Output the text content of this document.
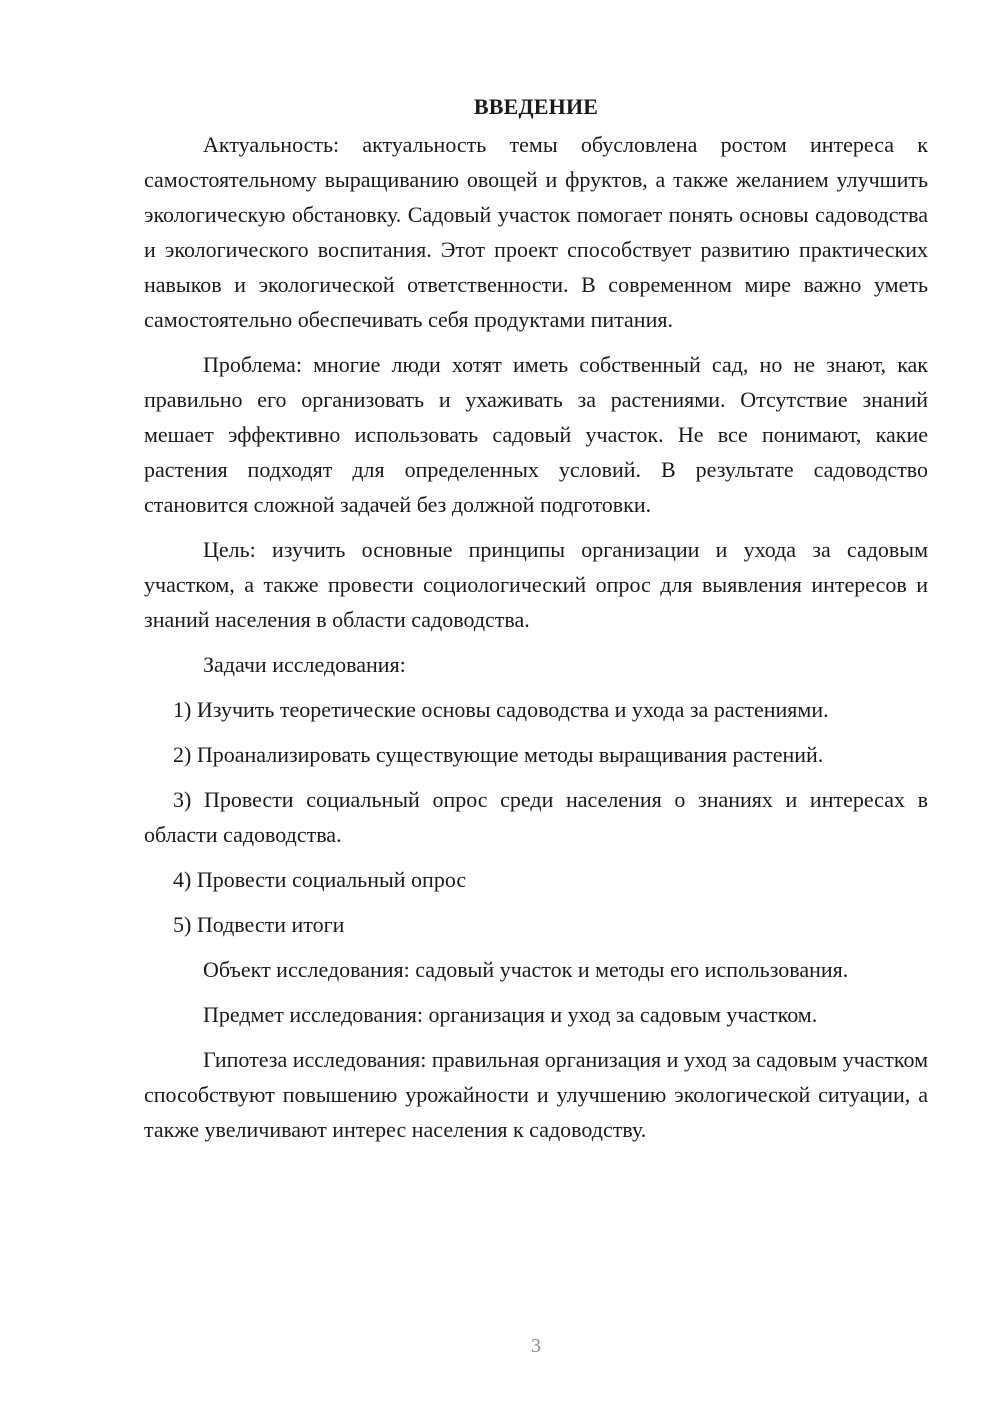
ВВЕДЕНИЕ

Актуальность: актуальность темы обусловлена ростом интереса к самостоятельному выращиванию овощей и фруктов, а также желанием улучшить экологическую обстановку. Садовый участок помогает понять основы садоводства и экологического воспитания. Этот проект способствует развитию практических навыков и экологической ответственности. В современном мире важно уметь самостоятельно обеспечивать себя продуктами питания.

Проблема: многие люди хотят иметь собственный сад, но не знают, как правильно его организовать и ухаживать за растениями. Отсутствие знаний мешает эффективно использовать садовый участок. Не все понимают, какие растения подходят для определенных условий. В результате садоводство становится сложной задачей без должной подготовки.

Цель: изучить основные принципы организации и ухода за садовым участком, а также провести социологический опрос для выявления интересов и знаний населения в области садоводства.

Задачи исследования:

1) Изучить теоретические основы садоводства и ухода за растениями.

2) Проанализировать существующие методы выращивания растений.

3) Провести социальный опрос среди населения о знаниях и интересах в области садоводства.

4) Провести социальный опрос

5) Подвести итоги

Объект исследования: садовый участок и методы его использования.

Предмет исследования: организация и уход за садовым участком.

Гипотеза исследования: правильная организация и уход за садовым участком способствуют повышению урожайности и улучшению экологической ситуации, а также увеличивают интерес населения к садоводству.

3
